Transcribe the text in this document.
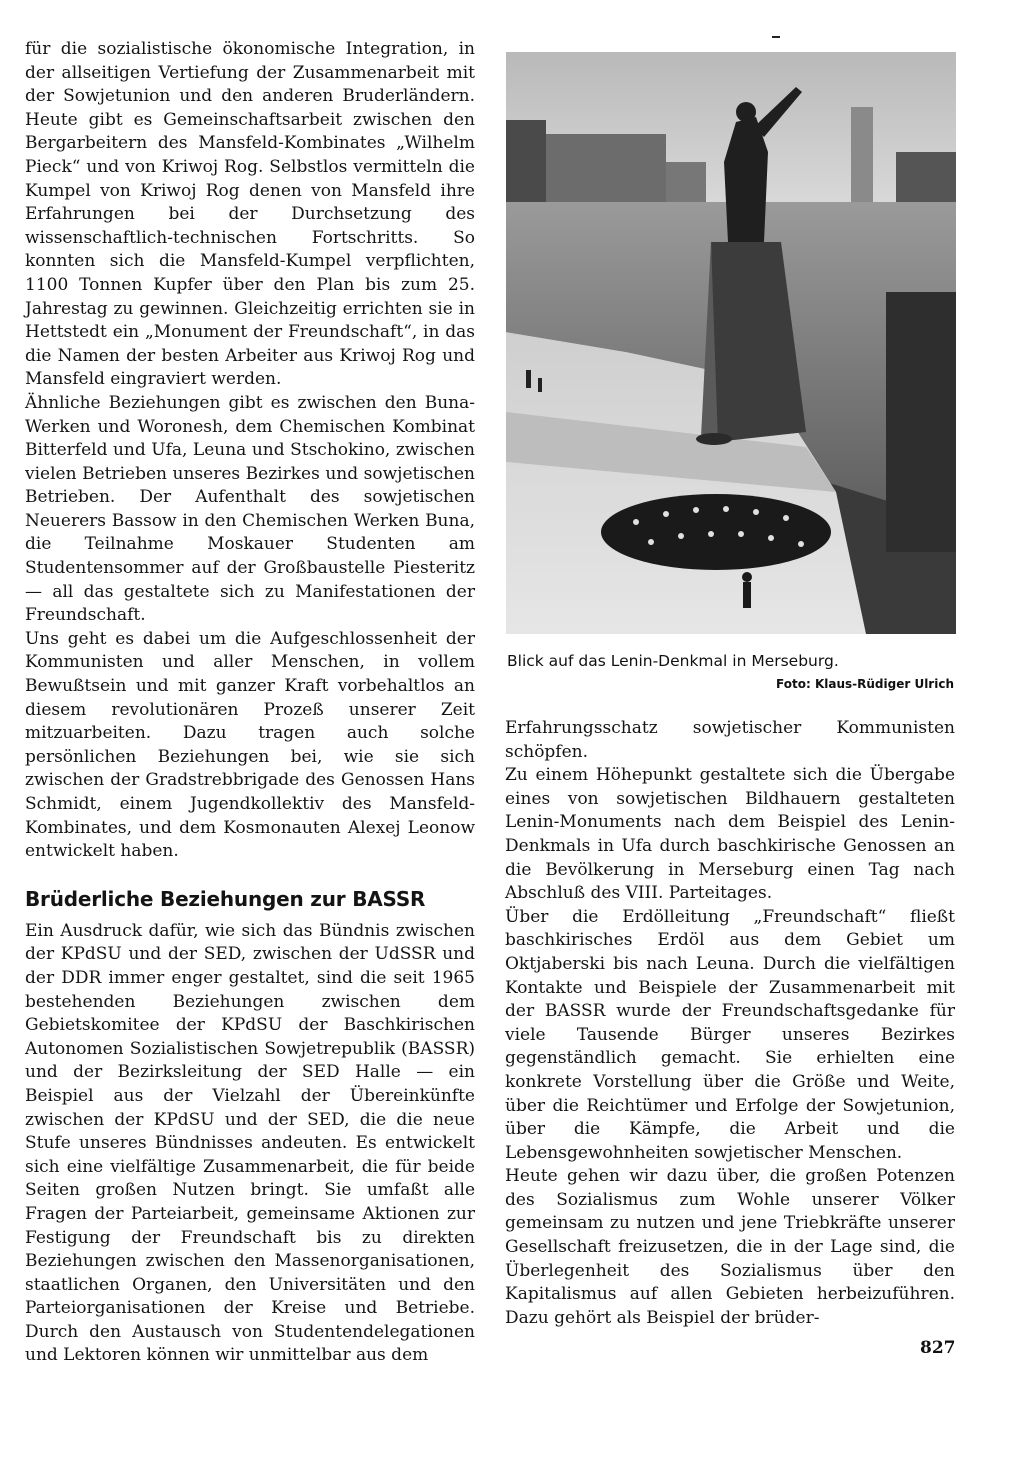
für die sozialistische ökonomische Integration, in der allseitigen Vertiefung der Zusammenarbeit mit der Sowjetunion und den anderen Bruderländern. Heute gibt es Gemeinschaftsarbeit zwischen den Bergarbeitern des Mansfeld-Kombinates „Wilhelm Pieck“ und von Kriwoj Rog. Selbstlos vermitteln die Kumpel von Kriwoj Rog denen von Mansfeld ihre Erfahrungen bei der Durchsetzung des wissenschaftlich-technischen Fortschritts. So konnten sich die Mansfeld-Kumpel verpflichten, 1100 Tonnen Kupfer über den Plan bis zum 25. Jahrestag zu gewinnen. Gleichzeitig errichten sie in Hettstedt ein „Monument der Freundschaft“, in das die Namen der besten Arbeiter aus Kriwoj Rog und Mansfeld eingraviert werden.

Ähnliche Beziehungen gibt es zwischen den Buna-Werken und Woronesh, dem Chemischen Kombinat Bitterfeld und Ufa, Leuna und Stschokino, zwischen vielen Betrieben unseres Bezirkes und sowjetischen Betrieben. Der Aufenthalt des sowjetischen Neuerers Bassow in den Chemischen Werken Buna, die Teilnahme Moskauer Studenten am Studentensommer auf der Großbaustelle Piesteritz — all das gestaltete sich zu Manifestationen der Freundschaft.

Uns geht es dabei um die Aufgeschlossenheit der Kommunisten und aller Menschen, in vollem Bewußtsein und mit ganzer Kraft vorbehaltlos an diesem revolutionären Prozeß unserer Zeit mitzuarbeiten. Dazu tragen auch solche persönlichen Beziehungen bei, wie sie sich zwischen der Gradstrebbrigade des Genossen Hans Schmidt, einem Jugendkollektiv des Mansfeld-Kombinates, und dem Kosmonauten Alexej Leonow entwickelt haben.

Brüderliche Beziehungen zur BASSR

Ein Ausdruck dafür, wie sich das Bündnis zwischen der KPdSU und der SED, zwischen der UdSSR und der DDR immer enger gestaltet, sind die seit 1965 bestehenden Beziehungen zwischen dem Gebietskomitee der KPdSU der Baschkirischen Autonomen Sozialistischen Sowjetrepublik (BASSR) und der Bezirksleitung der SED Halle — ein Beispiel aus der Vielzahl der Übereinkünfte zwischen der KPdSU und der SED, die die neue Stufe unseres Bündnisses andeuten. Es entwickelt sich eine vielfältige Zusammenarbeit, die für beide Seiten großen Nutzen bringt. Sie umfaßt alle Fragen der Parteiarbeit, gemeinsame Aktionen zur Festigung der Freundschaft bis zu direkten Beziehungen zwischen den Massenorganisationen, staatlichen Organen, den Universitäten und den Parteiorganisationen der Kreise und Betriebe. Durch den Austausch von Studentendelegationen und Lektoren können wir unmittelbar aus dem

Blick auf das Lenin-Denkmal in Merseburg.
Foto: Klaus-Rüdiger Ulrich

Erfahrungsschatz sowjetischer Kommunisten schöpfen.

Zu einem Höhepunkt gestaltete sich die Übergabe eines von sowjetischen Bildhauern gestalteten Lenin-Monuments nach dem Beispiel des Lenin-Denkmals in Ufa durch baschkirische Genossen an die Bevölkerung in Merseburg einen Tag nach Abschluß des VIII. Parteitages.

Über die Erdölleitung „Freundschaft“ fließt baschkirisches Erdöl aus dem Gebiet um Oktjaberski bis nach Leuna. Durch die vielfältigen Kontakte und Beispiele der Zusammenarbeit mit der BASSR wurde der Freundschaftsgedanke für viele Tausende Bürger unseres Bezirkes gegenständlich gemacht. Sie erhielten eine konkrete Vorstellung über die Größe und Weite, über die Reichtümer und Erfolge der Sowjetunion, über die Kämpfe, die Arbeit und die Lebensgewohnheiten sowjetischer Menschen.

Heute gehen wir dazu über, die großen Potenzen des Sozialismus zum Wohle unserer Völker gemeinsam zu nutzen und jene Triebkräfte unserer Gesellschaft freizusetzen, die in der Lage sind, die Überlegenheit des Sozialismus über den Kapitalismus auf allen Gebieten herbeizuführen. Dazu gehört als Beispiel der brüder-

827
